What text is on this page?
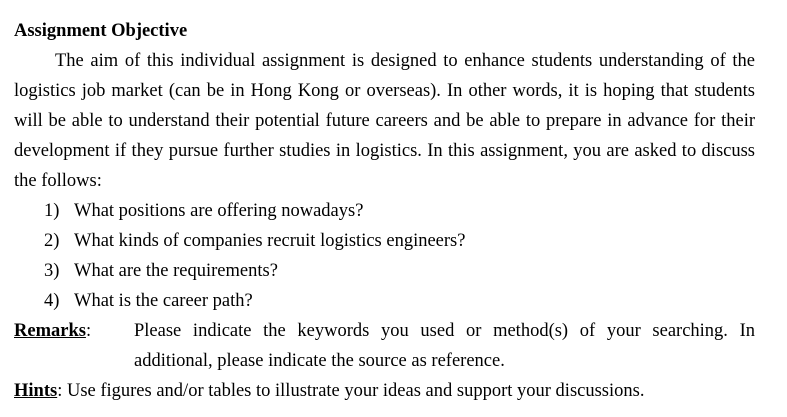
Assignment Objective

The aim of this individual assignment is designed to enhance students understanding of the logistics job market (can be in Hong Kong or overseas). In other words, it is hoping that students will be able to understand their potential future careers and be able to prepare in advance for their development if they pursue further studies in logistics. In this assignment, you are asked to discuss the follows:

1) What positions are offering nowadays?
2) What kinds of companies recruit logistics engineers?
3) What are the requirements?
4) What is the career path?
Remarks:	Please indicate the keywords you used or method(s) of your searching. In additional, please indicate the source as reference.
Hints: Use figures and/or tables to illustrate your ideas and support your discussions.
